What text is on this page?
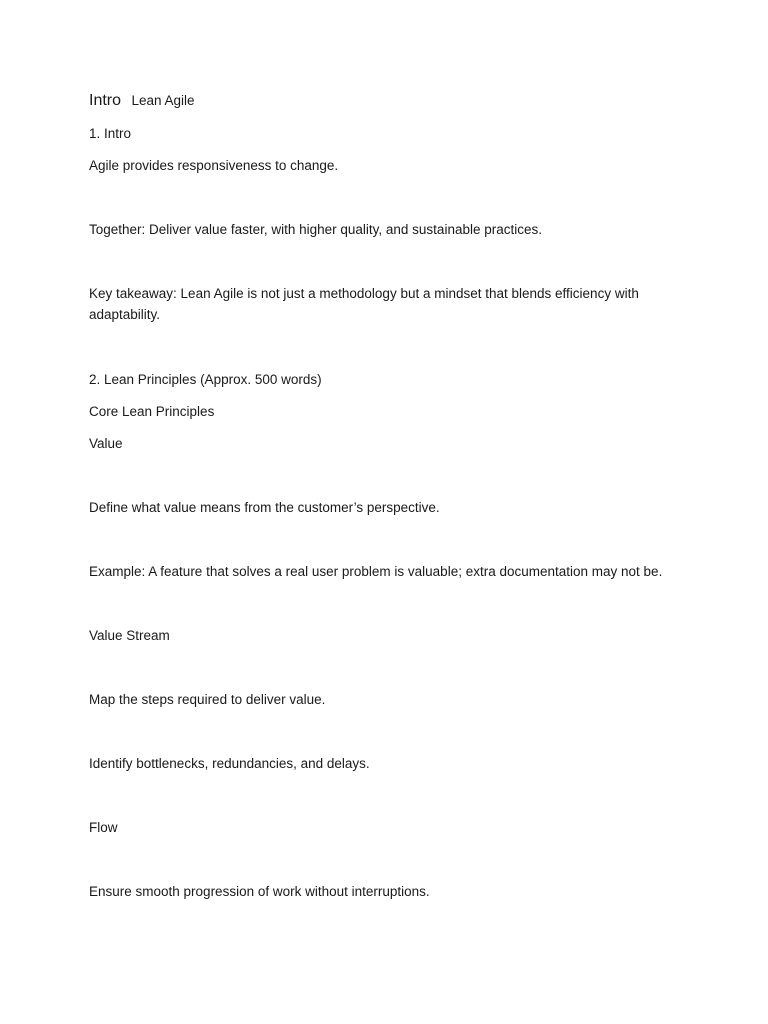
Intro Lean Agile

1. Intro

Agile provides responsiveness to change.

Together: Deliver value faster, with higher quality, and sustainable practices.

Key takeaway: Lean Agile is not just a methodology but a mindset that blends efficiency with adaptability.

2. Lean Principles (Approx. 500 words)

Core Lean Principles

Value

Define what value means from the customer’s perspective.

Example: A feature that solves a real user problem is valuable; extra documentation may not be.

Value Stream

Map the steps required to deliver value.

Identify bottlenecks, redundancies, and delays.

Flow

Ensure smooth progression of work without interruptions.
